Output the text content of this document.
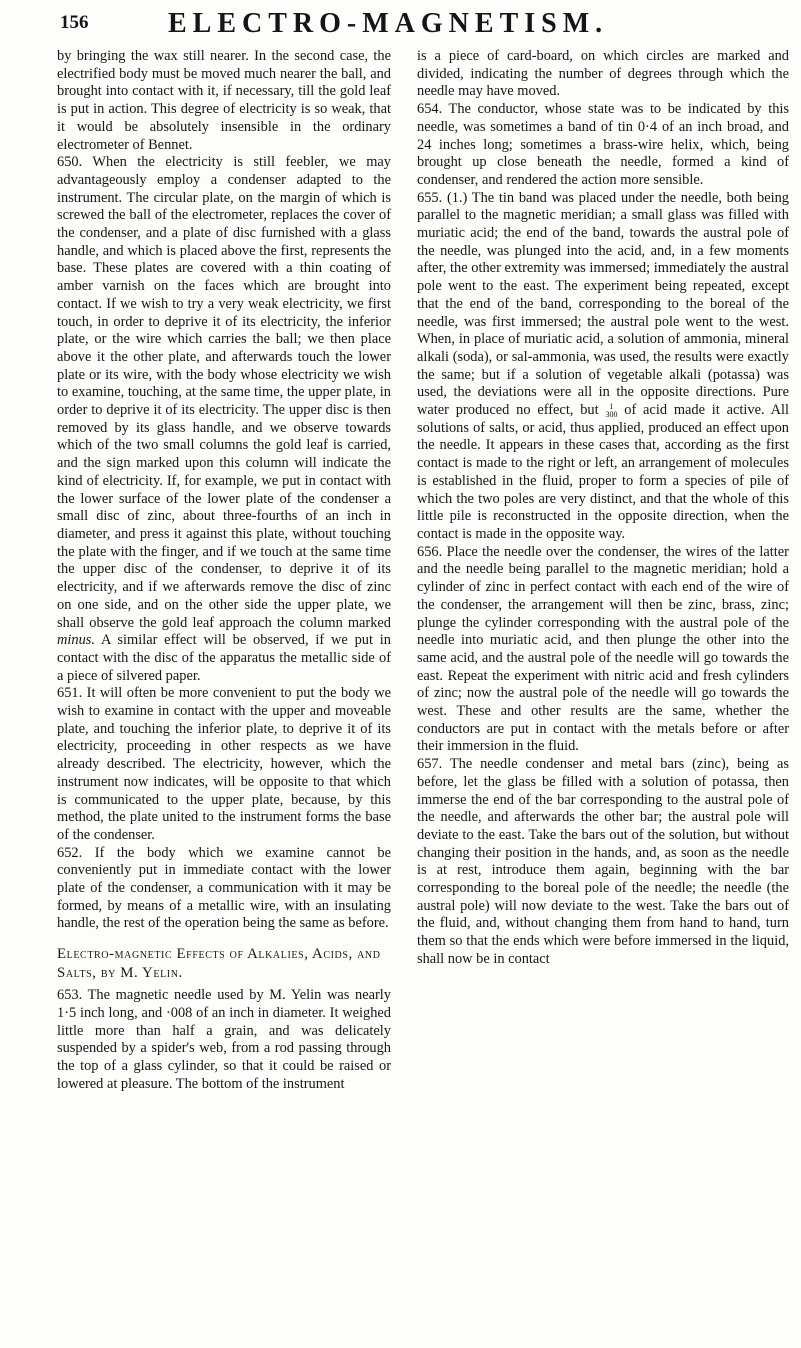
156	ELECTRO-MAGNETISM.

by bringing the wax still nearer. In the second case, the electrified body must be moved much nearer the ball, and brought into contact with it, if necessary, till the gold leaf is put in action. This degree of electricity is so weak, that it would be absolutely insensible in the ordinary electrometer of Bennet.

650. When the electricity is still feebler, we may advantageously employ a condenser adapted to the instrument. The circular plate, on the margin of which is screwed the ball of the electrometer, replaces the cover of the condenser, and a plate of disc furnished with a glass handle, and which is placed above the first, represents the base. These plates are covered with a thin coating of amber varnish on the faces which are brought into contact. If we wish to try a very weak electricity, we first touch, in order to deprive it of its electricity, the inferior plate, or the wire which carries the ball; we then place above it the other plate, and afterwards touch the lower plate or its wire, with the body whose electricity we wish to examine, touching, at the same time, the upper plate, in order to deprive it of its electricity. The upper disc is then removed by its glass handle, and we observe towards which of the two small columns the gold leaf is carried, and the sign marked upon this column will indicate the kind of electricity. If, for example, we put in contact with the lower surface of the lower plate of the condenser a small disc of zinc, about three-fourths of an inch in diameter, and press it against this plate, without touching the plate with the finger, and if we touch at the same time the upper disc of the condenser, to deprive it of its electricity, and if we afterwards remove the disc of zinc on one side, and on the other side the upper plate, we shall observe the gold leaf approach the column marked minus. A similar effect will be observed, if we put in contact with the disc of the apparatus the metallic side of a piece of silvered paper.

651. It will often be more convenient to put the body we wish to examine in contact with the upper and moveable plate, and touching the inferior plate, to deprive it of its electricity, proceeding in other respects as we have already described. The electricity, however, which the instrument now indicates, will be opposite to that which is communicated to the upper plate, because, by this method, the plate united to the instrument forms the base of the condenser.

652. If the body which we examine cannot be conveniently put in immediate contact with the lower plate of the condenser, a communication with it may be formed, by means of a metallic wire, with an insulating handle, the rest of the operation being the same as before.

Electro-magnetic Effects of Alkalies, Acids, and Salts, by M. Yelin.

653. The magnetic needle used by M. Yelin was nearly 1·5 inch long, and ·008 of an inch in diameter. It weighed little more than half a grain, and was delicately suspended by a spider's web, from a rod passing through the top of a glass cylinder, so that it could be raised or lowered at pleasure. The bottom of the instrument

is a piece of card-board, on which circles are marked and divided, indicating the number of degrees through which the needle may have moved.

654. The conductor, whose state was to be indicated by this needle, was sometimes a band of tin 0·4 of an inch broad, and 24 inches long; sometimes a brass-wire helix, which, being brought up close beneath the needle, formed a kind of condenser, and rendered the action more sensible.

655. (1.) The tin band was placed under the needle, both being parallel to the magnetic meridian; a small glass was filled with muriatic acid; the end of the band, towards the austral pole of the needle, was plunged into the acid, and, in a few moments after, the other extremity was immersed; immediately the austral pole went to the east. The experiment being repeated, except that the end of the band, corresponding to the boreal of the needle, was first immersed; the austral pole went to the west. When, in place of muriatic acid, a solution of ammonia, mineral alkali (soda), or sal-ammonia, was used, the results were exactly the same; but if a solution of vegetable alkali (potassa) was used, the deviations were all in the opposite directions. Pure water produced no effect, but 1
300 of acid made it active. All solutions of salts, or acid, thus applied, produced an effect upon the needle. It appears in these cases that, according as the first contact is made to the right or left, an arrangement of molecules is established in the fluid, proper to form a species of pile of which the two poles are very distinct, and that the whole of this little pile is reconstructed in the opposite direction, when the contact is made in the opposite way.

656. Place the needle over the condenser, the wires of the latter and the needle being parallel to the magnetic meridian; hold a cylinder of zinc in perfect contact with each end of the wire of the condenser, the arrangement will then be zinc, brass, zinc; plunge the cylinder corresponding with the austral pole of the needle into muriatic acid, and then plunge the other into the same acid, and the austral pole of the needle will go towards the east. Repeat the experiment with nitric acid and fresh cylinders of zinc; now the austral pole of the needle will go towards the west. These and other results are the same, whether the conductors are put in contact with the metals before or after their immersion in the fluid.

657. The needle condenser and metal bars (zinc), being as before, let the glass be filled with a solution of potassa, then immerse the end of the bar corresponding to the austral pole of the needle, and afterwards the other bar; the austral pole will deviate to the east. Take the bars out of the solution, but without changing their position in the hands, and, as soon as the needle is at rest, introduce them again, beginning with the bar corresponding to the boreal pole of the needle; the needle (the austral pole) will now deviate to the west. Take the bars out of the fluid, and, without changing them from hand to hand, turn them so that the ends which were before immersed in the liquid, shall now be in contact
